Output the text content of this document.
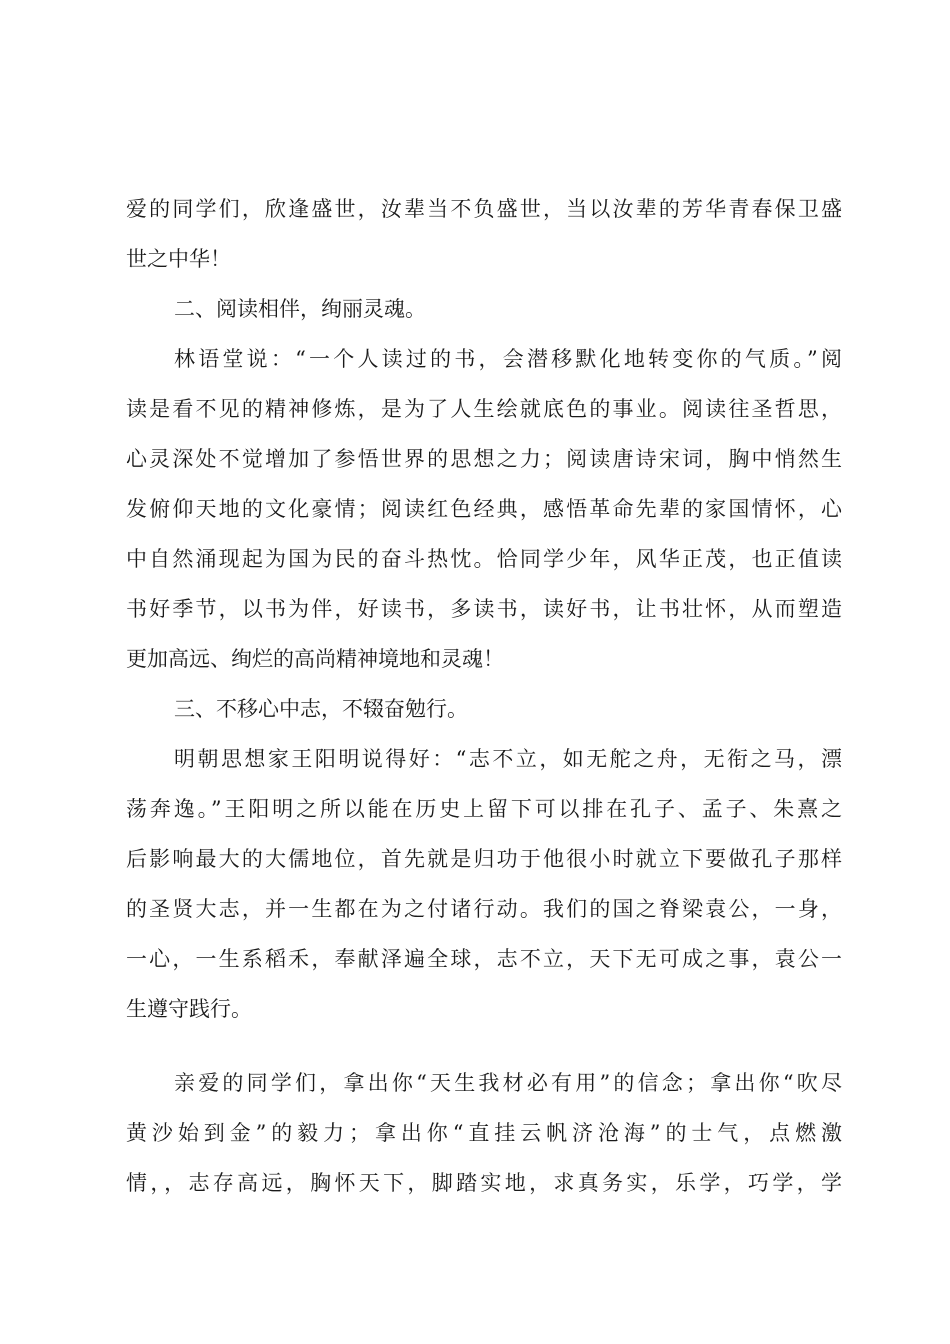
爱的同学们，欣逢盛世，汝辈当不负盛世，当以汝辈的芳华青春保卫盛
世之中华！
二、阅读相伴，绚丽灵魂。
林语堂说：“一个人读过的书，会潜移默化地转变你的气质。”阅
读是看不见的精神修炼，是为了人生绘就底色的事业。阅读往圣哲思，
心灵深处不觉增加了参悟世界的思想之力；阅读唐诗宋词，胸中悄然生
发俯仰天地的文化豪情；阅读红色经典，感悟革命先辈的家国情怀，心
中自然涌现起为国为民的奋斗热忱。恰同学少年，风华正茂，也正值读
书好季节，以书为伴，好读书，多读书，读好书，让书壮怀，从而塑造
更加高远、绚烂的高尚精神境地和灵魂！
三、不移心中志，不辍奋勉行。
明朝思想家王阳明说得好：“志不立，如无舵之舟，无衔之马，漂
荡奔逸。”王阳明之所以能在历史上留下可以排在孔子、孟子、朱熹之
后影响最大的大儒地位，首先就是归功于他很小时就立下要做孔子那样
的圣贤大志，并一生都在为之付诸行动。我们的国之脊梁袁公，一身，
一心，一生系稻禾，奉献泽遍全球，志不立，天下无可成之事，袁公一
生遵守践行。
亲爱的同学们，拿出你“天生我材必有用”的信念；拿出你“吹尽
黄沙始到金”的毅力；拿出你“直挂云帆济沧海”的士气，点燃激
情，，志存高远，胸怀天下，脚踏实地，求真务实，乐学，巧学，学
